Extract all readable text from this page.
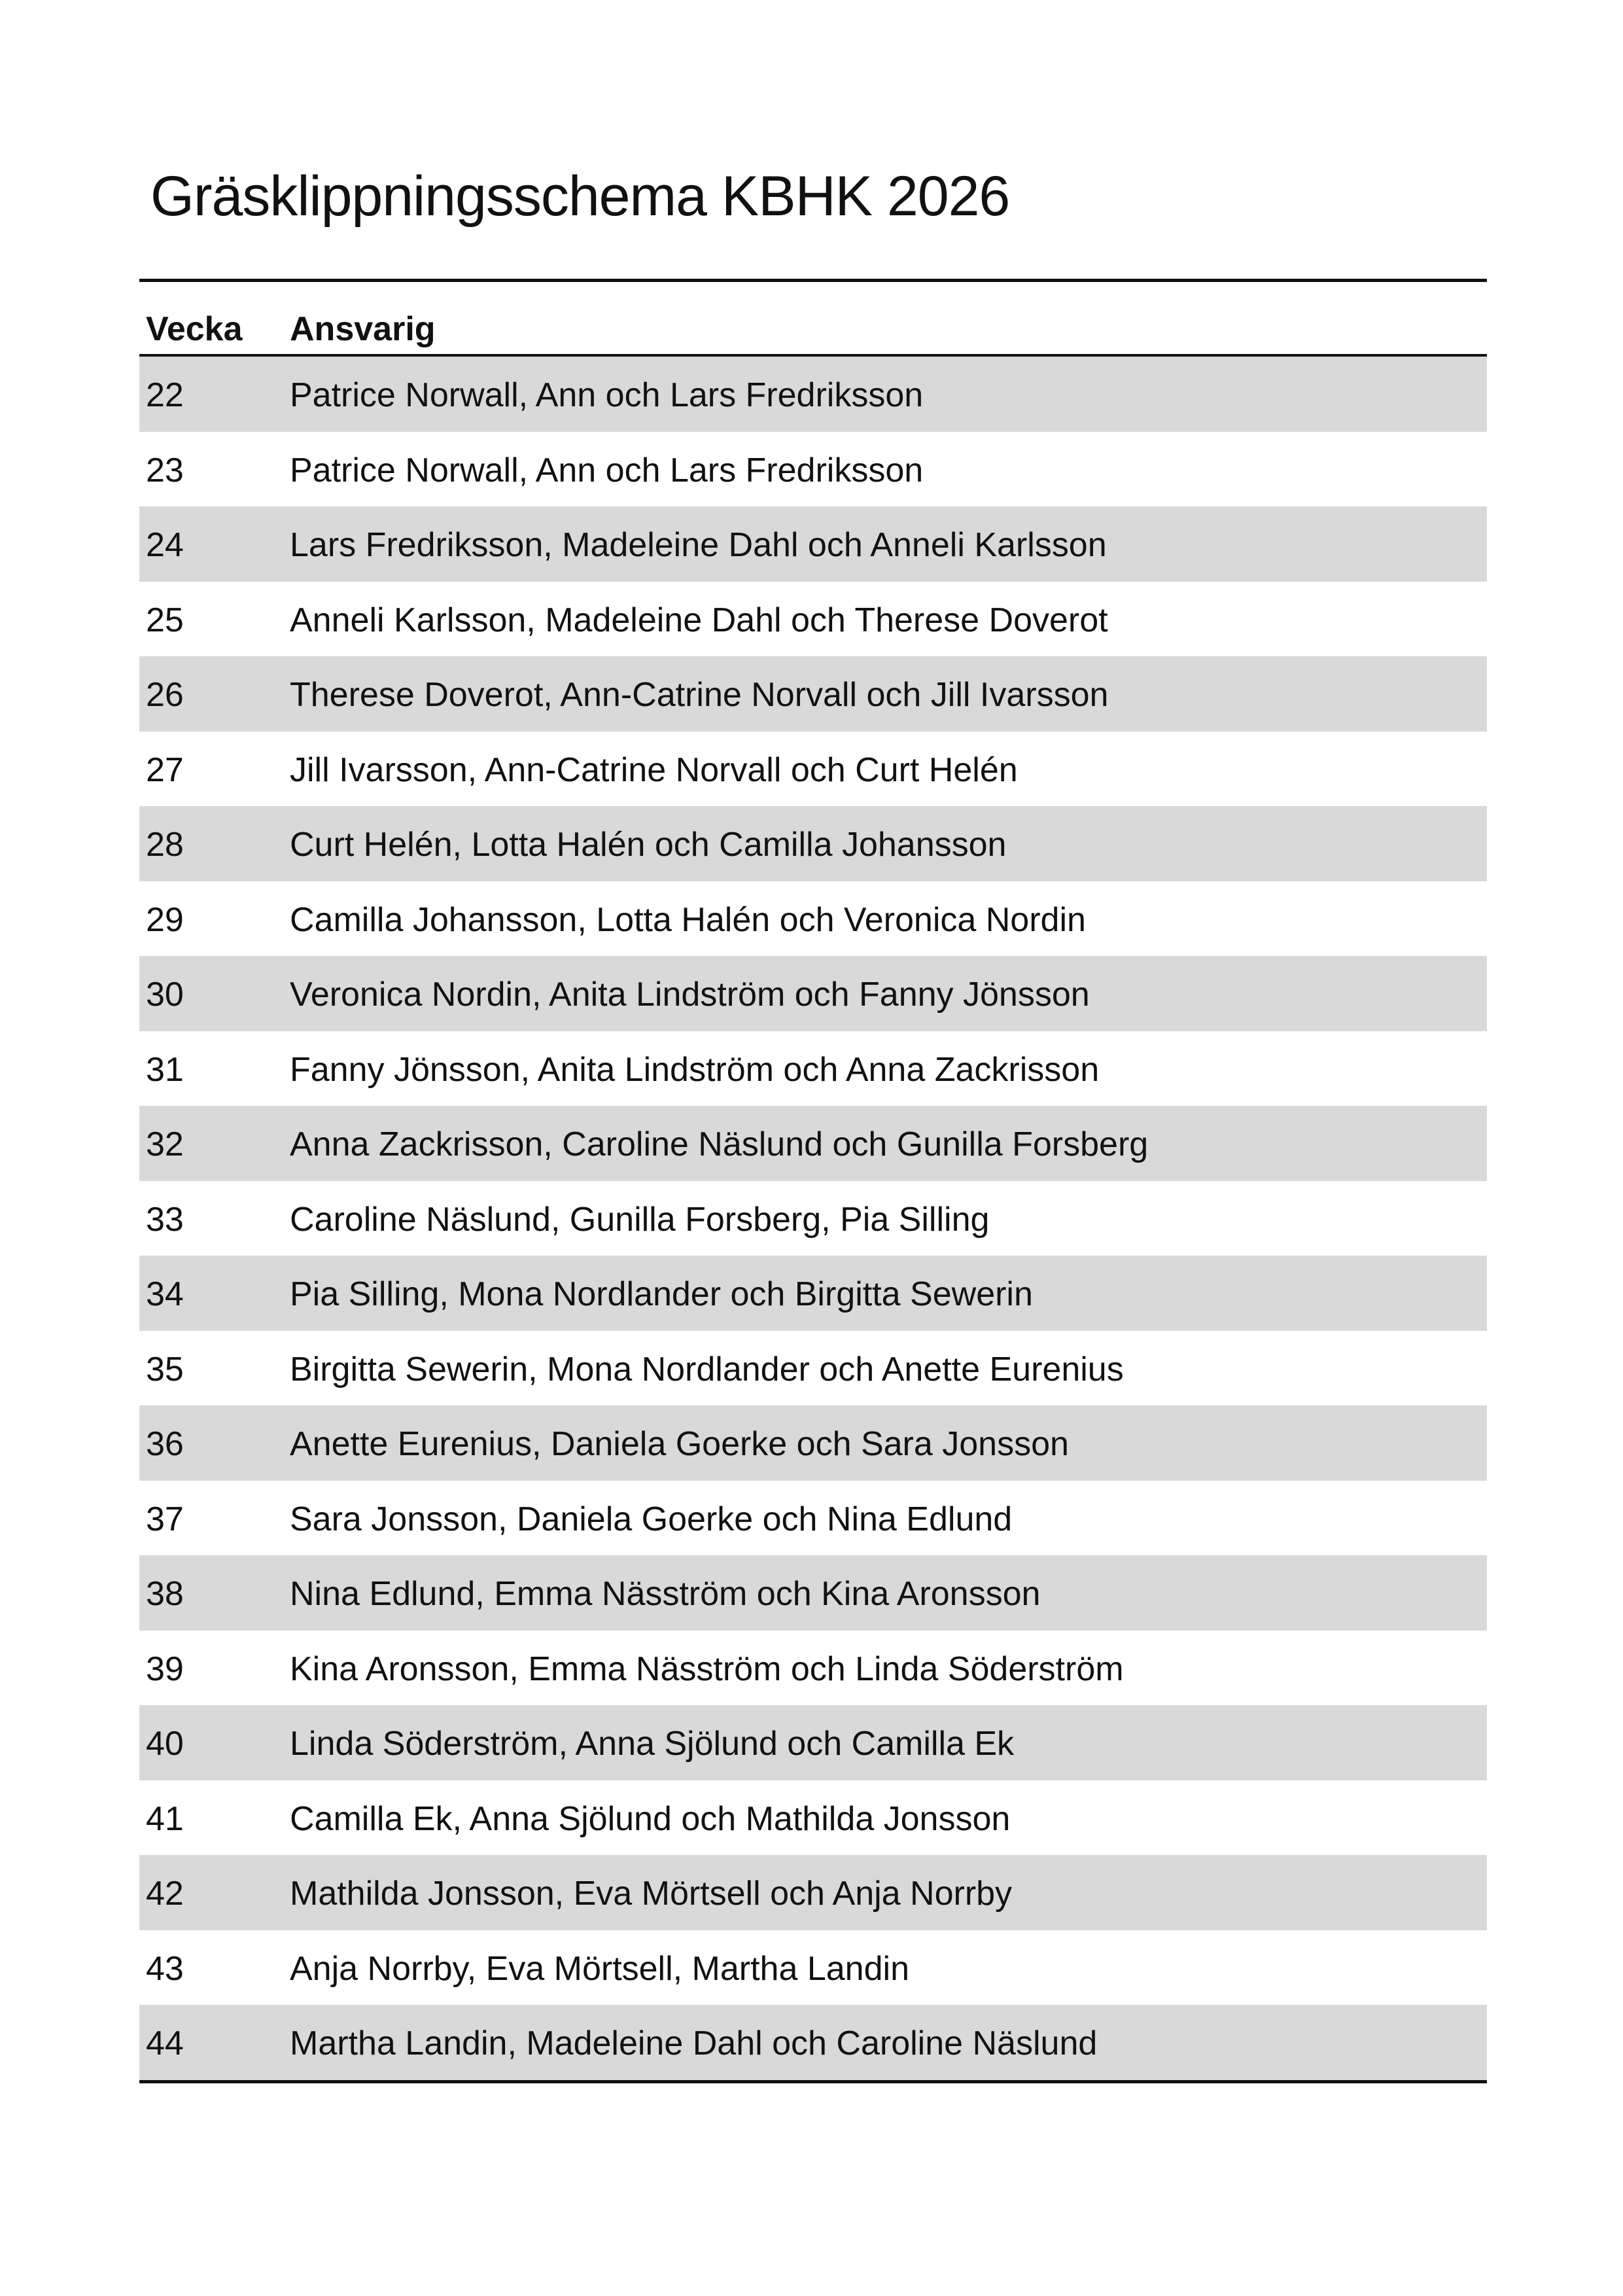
Gräsklippningsschema KBHK 2026
Vecka Ansvarig
22	Patrice Norwall, Ann och Lars Fredriksson
23	Patrice Norwall, Ann och Lars Fredriksson
24	Lars Fredriksson, Madeleine Dahl och Anneli Karlsson
25	Anneli Karlsson, Madeleine Dahl och Therese Doverot
26	Therese Doverot, Ann-Catrine Norvall och Jill Ivarsson
27	Jill Ivarsson, Ann-Catrine Norvall och Curt Helén
28	Curt Helén, Lotta Halén och Camilla Johansson
29	Camilla Johansson, Lotta Halén och Veronica Nordin
30	Veronica Nordin, Anita Lindström och Fanny Jönsson
31	Fanny Jönsson, Anita Lindström och Anna Zackrisson
32	Anna Zackrisson, Caroline Näslund och Gunilla Forsberg
33	Caroline Näslund, Gunilla Forsberg, Pia Silling
34	Pia Silling, Mona Nordlander och Birgitta Sewerin
35	Birgitta Sewerin, Mona Nordlander och Anette Eurenius
36	Anette Eurenius, Daniela Goerke och Sara Jonsson
37	Sara Jonsson, Daniela Goerke och Nina Edlund
38	Nina Edlund, Emma Näsström och Kina Aronsson
39	Kina Aronsson, Emma Näsström och Linda Söderström
40	Linda Söderström, Anna Sjölund och Camilla Ek
41	Camilla Ek, Anna Sjölund och Mathilda Jonsson
42	Mathilda Jonsson, Eva Mörtsell och Anja Norrby
43	Anja Norrby, Eva Mörtsell, Martha Landin
44	Martha Landin, Madeleine Dahl och Caroline Näslund
